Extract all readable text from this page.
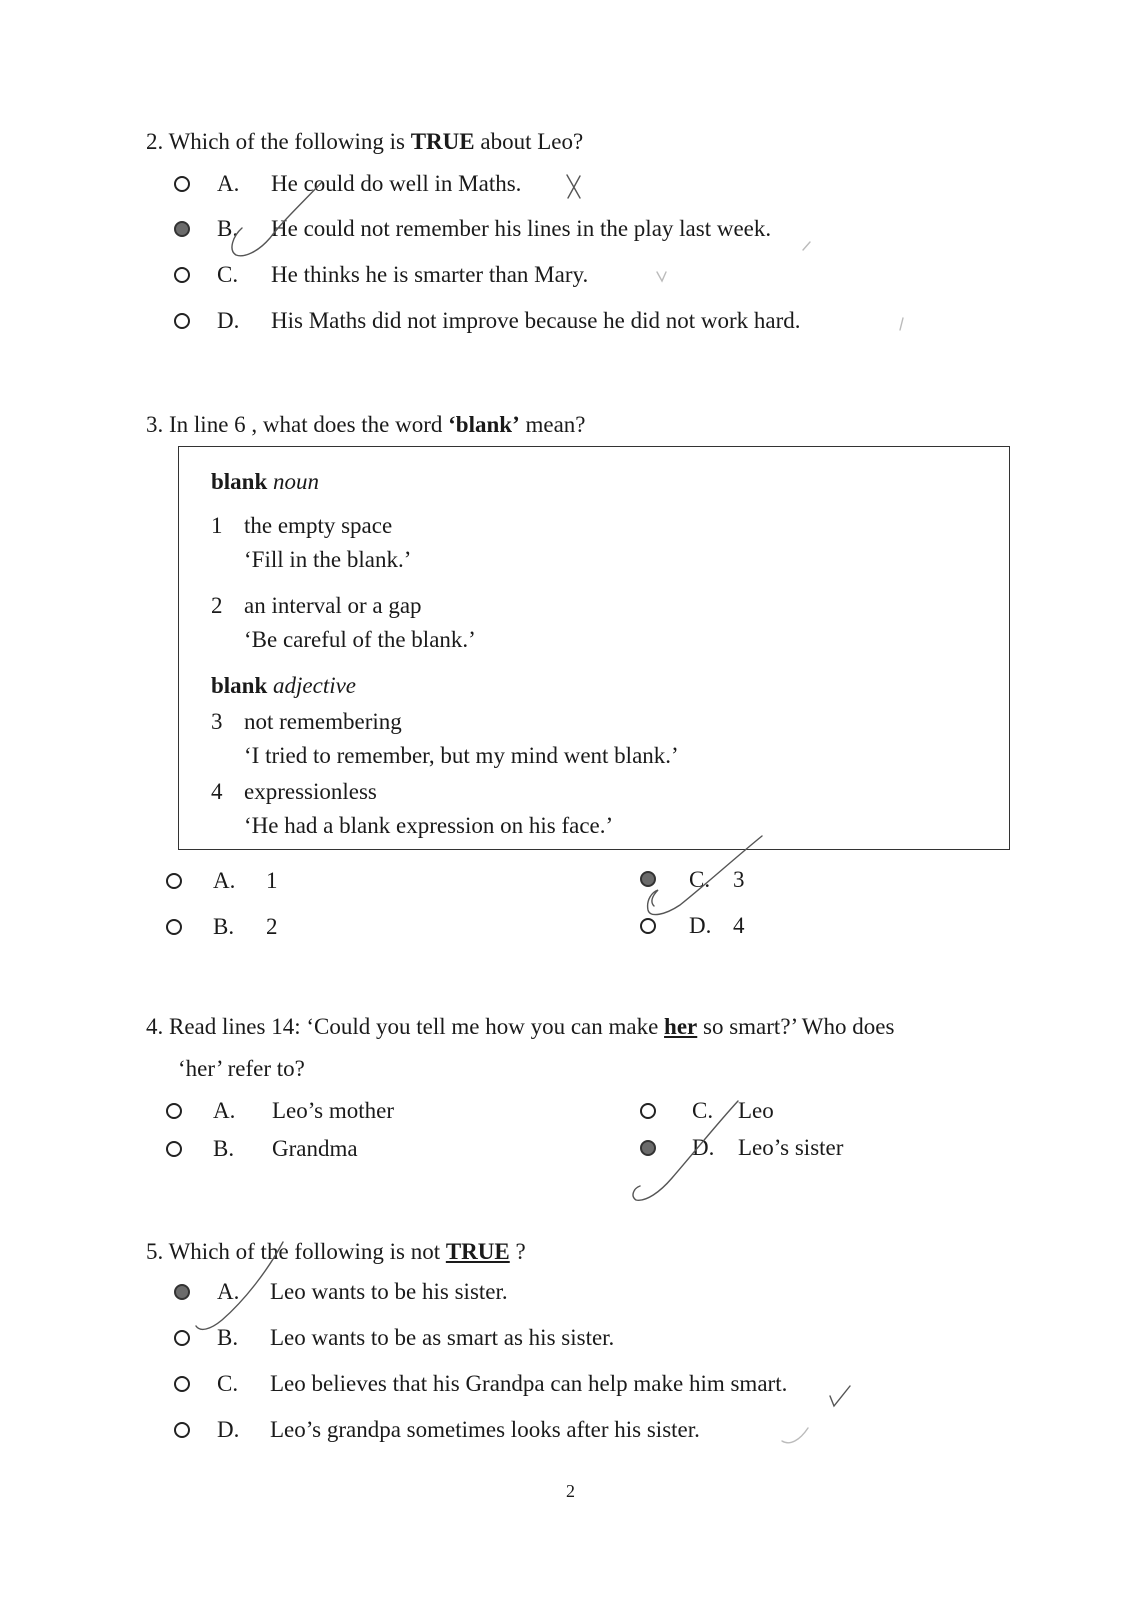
2. Which of the following is TRUE about Leo?
A. He could do well in Maths.
B. He could not remember his lines in the play last week.
C. He thinks he is smarter than Mary.
D. His Maths did not improve because he did not work hard.
3. In line 6 , what does the word ‘blank’ mean?
blank noun
1 the empty space
‘Fill in the blank.’
2 an interval or a gap
‘Be careful of the blank.’
blank adjective
3 not remembering
‘I tried to remember, but my mind went blank.’
4 expressionless
‘He had a blank expression on his face.’
A. 1
B. 2
C. 3
D. 4
4. Read lines 14: ‘Could you tell me how you can make her so smart?’ Who does
‘her’ refer to?
A. Leo’s mother
B. Grandma
C. Leo
D. Leo’s sister
5. Which of the following is not TRUE ?
A. Leo wants to be his sister.
B. Leo wants to be as smart as his sister.
C. Leo believes that his Grandpa can help make him smart.
D. Leo’s grandpa sometimes looks after his sister.
2
